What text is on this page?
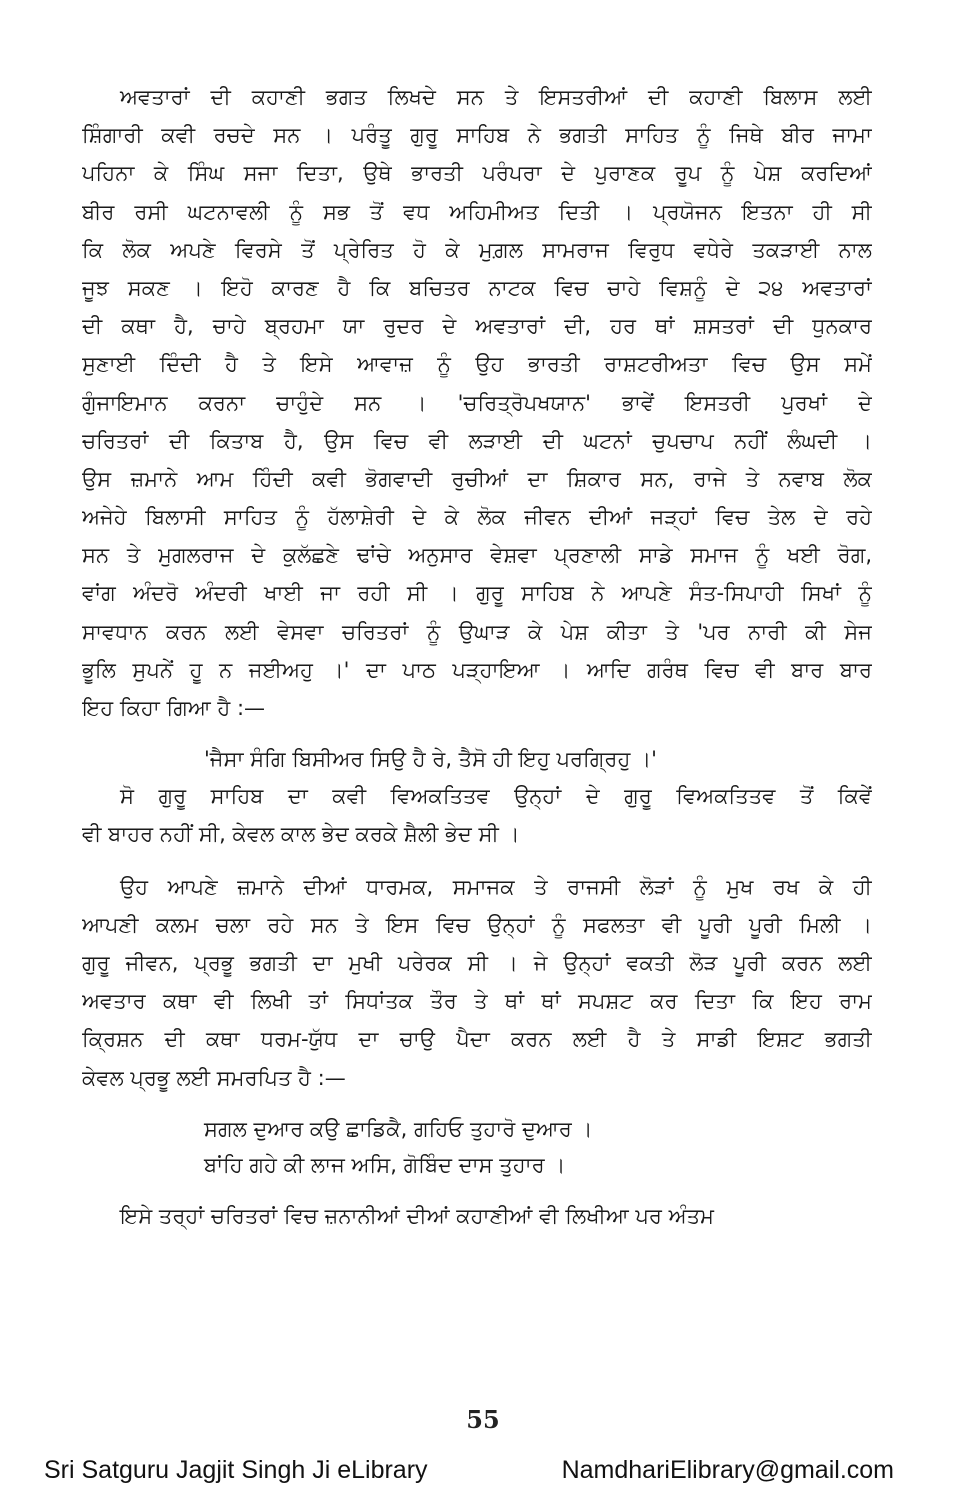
ਅਵਤਾਰਾਂ ਦੀ ਕਹਾਣੀ ਭਗਤ ਲਿਖਦੇ ਸਨ ਤੇ ਇਸਤਰੀਆਂ ਦੀ ਕਹਾਣੀ ਬਿਲਾਸ ਲਈ
ਸ਼ਿੰਗਾਰੀ ਕਵੀ ਰਚਦੇ ਸਨ । ਪਰੰਤੂ ਗੁਰੂ ਸਾਹਿਬ ਨੇ ਭਗਤੀ ਸਾਹਿਤ ਨੂੰ ਜਿਥੇ ਬੀਰ ਜਾਮਾ
ਪਹਿਨਾ ਕੇ ਸਿੰਘ ਸਜਾ ਦਿਤਾ, ਉਥੇ ਭਾਰਤੀ ਪਰੰਪਰਾ ਦੇ ਪੁਰਾਣਕ ਰੂਪ ਨੂੰ ਪੇਸ਼ ਕਰਦਿਆਂ
ਬੀਰ ਰਸੀ ਘਟਨਾਵਲੀ ਨੂੰ ਸਭ ਤੋਂ ਵਧ ਅਹਿਮੀਅਤ ਦਿਤੀ । ਪ੍ਰਯੋਜਨ ਇਤਨਾ ਹੀ ਸੀ
ਕਿ ਲੋਕ ਅਪਣੇ ਵਿਰਸੇ ਤੋਂ ਪ੍ਰੇਰਿਤ ਹੋ ਕੇ ਮੁਗ਼ਲ ਸਾਮਰਾਜ ਵਿਰੁਧ ਵਧੇਰੇ ਤਕੜਾਈ ਨਾਲ
ਜੂਝ ਸਕਣ । ਇਹੋ ਕਾਰਣ ਹੈ ਕਿ ਬਚਿਤਰ ਨਾਟਕ ਵਿਚ ਚਾਹੇ ਵਿਸ਼ਨੂੰ ਦੇ ੨੪ ਅਵਤਾਰਾਂ
ਦੀ ਕਥਾ ਹੈ, ਚਾਹੇ ਬ੍ਰਹਮਾ ਯਾ ਰੁਦਰ ਦੇ ਅਵਤਾਰਾਂ ਦੀ, ਹਰ ਥਾਂ ਸ਼ਸਤਰਾਂ ਦੀ ਧੁਨਕਾਰ
ਸੁਣਾਈ ਦਿੰਦੀ ਹੈ ਤੇ ਇਸੇ ਆਵਾਜ਼ ਨੂੰ ਉਹ ਭਾਰਤੀ ਰਾਸ਼ਟਰੀਅਤਾ ਵਿਚ ਉਸ ਸਮੇਂ
ਗੁੰਜਾਇਮਾਨ ਕਰਨਾ ਚਾਹੁੰਦੇ ਸਨ । 'ਚਰਿਤ੍ਰੋਪਖਯਾਨ' ਭਾਵੇਂ ਇਸਤਰੀ ਪੁਰਖਾਂ ਦੇ
ਚਰਿਤਰਾਂ ਦੀ ਕਿਤਾਬ ਹੈ, ਉਸ ਵਿਚ ਵੀ ਲੜਾਈ ਦੀ ਘਟਨਾਂ ਚੁਪਚਾਪ ਨਹੀਂ ਲੰਘਦੀ ।
ਉਸ ਜ਼ਮਾਨੇ ਆਮ ਹਿੰਦੀ ਕਵੀ ਭੋਗਵਾਦੀ ਰੁਚੀਆਂ ਦਾ ਸ਼ਿਕਾਰ ਸਨ, ਰਾਜੇ ਤੇ ਨਵਾਬ ਲੋਕ
ਅਜੇਹੇ ਬਿਲਾਸੀ ਸਾਹਿਤ ਨੂੰ ਹੱਲਾਸ਼ੇਰੀ ਦੇ ਕੇ ਲੋਕ ਜੀਵਨ ਦੀਆਂ ਜੜ੍ਹਾਂ ਵਿਚ ਤੇਲ ਦੇ ਰਹੇ
ਸਨ ਤੇ ਮੁਗਲਰਾਜ ਦੇ ਕੁਲੱਛਣੇ ਢਾਂਚੇ ਅਨੁਸਾਰ ਵੇਸ਼ਵਾ ਪ੍ਰਣਾਲੀ ਸਾਡੇ ਸਮਾਜ ਨੂੰ ਖਈ ਰੋਗ,
ਵਾਂਗ ਅੰਦਰੋ ਅੰਦਰੀ ਖਾਈ ਜਾ ਰਹੀ ਸੀ । ਗੁਰੂ ਸਾਹਿਬ ਨੇ ਆਪਣੇ ਸੰਤ-ਸਿਪਾਹੀ ਸਿਖਾਂ ਨੂੰ
ਸਾਵਧਾਨ ਕਰਨ ਲਈ ਵੇਸਵਾ ਚਰਿਤਰਾਂ ਨੂੰ ਉਘਾੜ ਕੇ ਪੇਸ਼ ਕੀਤਾ ਤੇ 'ਪਰ ਨਾਰੀ ਕੀ ਸੇਜ
ਭੂਲਿ ਸੁਪਨੇਂ ਹੂ ਨ ਜਈਅਹੁ ।' ਦਾ ਪਾਠ ਪੜ੍ਹਾਇਆ । ਆਦਿ ਗਰੰਥ ਵਿਚ ਵੀ ਬਾਰ ਬਾਰ
ਇਹ ਕਿਹਾ ਗਿਆ ਹੈ :—
'ਜੈਸਾ ਸੰਗਿ ਬਿਸੀਅਰ ਸਿਉ ਹੈ ਰੇ, ਤੈਸੋ ਹੀ ਇਹੁ ਪਰਗ੍ਰਿਹੁ ।'
ਸੋ ਗੁਰੂ ਸਾਹਿਬ ਦਾ ਕਵੀ ਵਿਅਕਤਿਤਵ ਉਨ੍ਹਾਂ ਦੇ ਗੁਰੂ ਵਿਅਕਤਿਤਵ ਤੋਂ ਕਿਵੇਂ
ਵੀ ਬਾਹਰ ਨਹੀਂ ਸੀ, ਕੇਵਲ ਕਾਲ ਭੇਦ ਕਰਕੇ ਸ਼ੈਲੀ ਭੇਦ ਸੀ ।
ਉਹ ਆਪਣੇ ਜ਼ਮਾਨੇ ਦੀਆਂ ਧਾਰਮਕ, ਸਮਾਜਕ ਤੇ ਰਾਜਸੀ ਲੋੜਾਂ ਨੂੰ ਮੁਖ ਰਖ ਕੇ ਹੀ
ਆਪਣੀ ਕਲਮ ਚਲਾ ਰਹੇ ਸਨ ਤੇ ਇਸ ਵਿਚ ਉਨ੍ਹਾਂ ਨੂੰ ਸਫਲਤਾ ਵੀ ਪੂਰੀ ਪੂਰੀ ਮਿਲੀ ।
ਗੁਰੂ ਜੀਵਨ, ਪ੍ਰਭੂ ਭਗਤੀ ਦਾ ਮੁਖੀ ਪਰੇਰਕ ਸੀ । ਜੇ ਉਨ੍ਹਾਂ ਵਕਤੀ ਲੋੜ ਪੂਰੀ ਕਰਨ ਲਈ
ਅਵਤਾਰ ਕਥਾ ਵੀ ਲਿਖੀ ਤਾਂ ਸਿਧਾਂਤਕ ਤੌਰ ਤੇ ਥਾਂ ਥਾਂ ਸਪਸ਼ਟ ਕਰ ਦਿਤਾ ਕਿ ਇਹ ਰਾਮ
ਕ੍ਰਿਸ਼ਨ ਦੀ ਕਥਾ ਧਰਮ-ਯੁੱਧ ਦਾ ਚਾਉ ਪੈਦਾ ਕਰਨ ਲਈ ਹੈ ਤੇ ਸਾਡੀ ਇਸ਼ਟ ਭਗਤੀ
ਕੇਵਲ ਪ੍ਰਭੂ ਲਈ ਸਮਰਪਿਤ ਹੈ :—
ਸਗਲ ਦੁਆਰ ਕਉ ਛਾਡਿਕੈ, ਗਹਿਓ ਤੁਹਾਰੋ ਦੁਆਰ ।
ਬਾਂਹਿ ਗਹੇ ਕੀ ਲਾਜ ਅਸਿ, ਗੋਬਿੰਦ ਦਾਸ ਤੁਹਾਰ ।
ਇਸੇ ਤਰ੍ਹਾਂ ਚਰਿਤਰਾਂ ਵਿਚ ਜ਼ਨਾਨੀਆਂ ਦੀਆਂ ਕਹਾਣੀਆਂ ਵੀ ਲਿਖੀਆ ਪਰ ਅੰਤਮ
55
Sri Satguru Jagjit Singh Ji eLibrary	NamdhariElibrary@gmail.com
